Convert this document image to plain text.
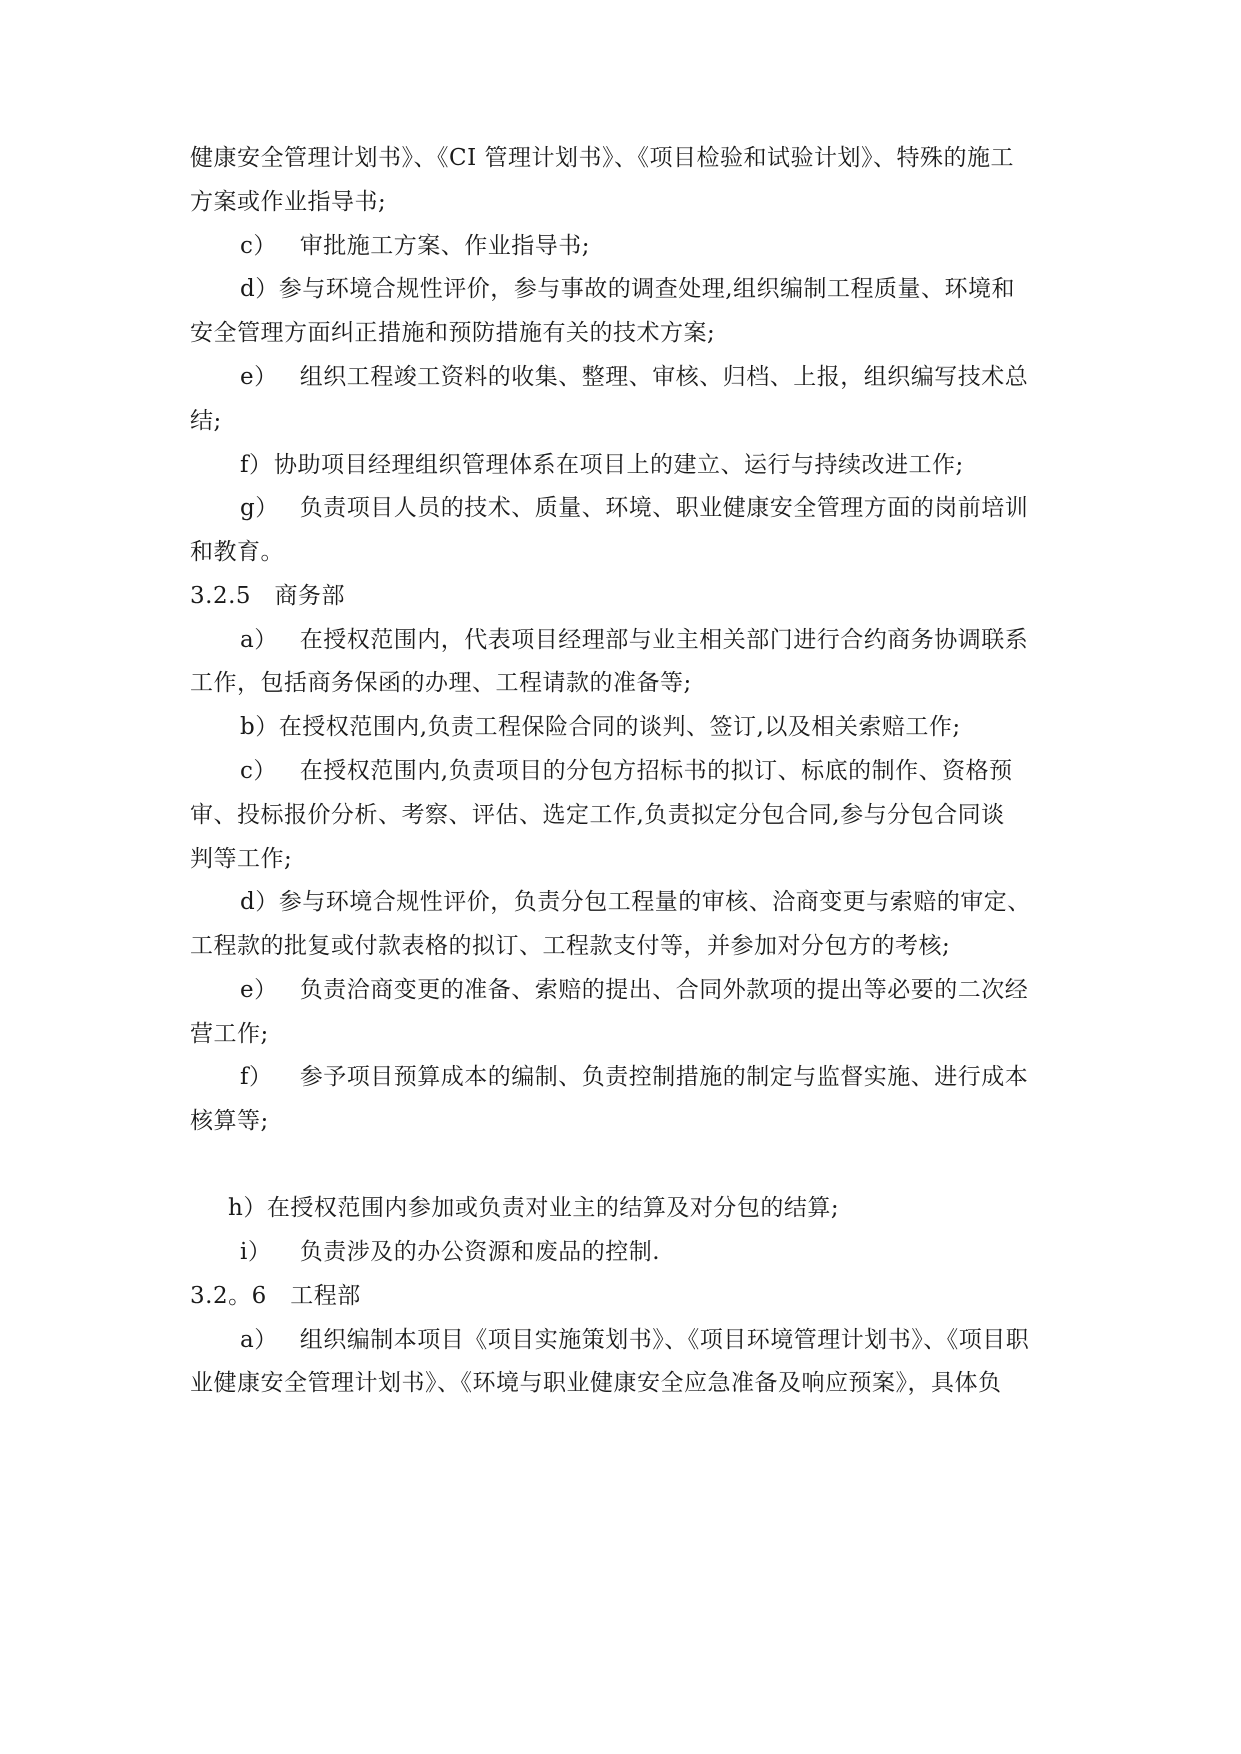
健康安全管理计划书》、《CI 管理计划书》、《项目检验和试验计划》、特殊的施工
方案或作业指导书;
c） 审批施工方案、作业指导书;
d）参与环境合规性评价，参与事故的调查处理,组织编制工程质量、环境和
安全管理方面纠正措施和预防措施有关的技术方案;
e） 组织工程竣工资料的收集、整理、审核、归档、上报，组织编写技术总
结;
f）协助项目经理组织管理体系在项目上的建立、运行与持续改进工作;
g） 负责项目人员的技术、质量、环境、职业健康安全管理方面的岗前培训
和教育。
3.2.5　商务部
a） 在授权范围内，代表项目经理部与业主相关部门进行合约商务协调联系
工作，包括商务保函的办理、工程请款的准备等;
b）在授权范围内,负责工程保险合同的谈判、签订,以及相关索赔工作;
c） 在授权范围内,负责项目的分包方招标书的拟订、标底的制作、资格预
审、投标报价分析、考察、评估、选定工作,负责拟定分包合同,参与分包合同谈
判等工作;
d）参与环境合规性评价，负责分包工程量的审核、洽商变更与索赔的审定、
工程款的批复或付款表格的拟订、工程款支付等，并参加对分包方的考核;
e） 负责洽商变更的准备、索赔的提出、合同外款项的提出等必要的二次经
营工作;
f） 参予项目预算成本的编制、负责控制措施的制定与监督实施、进行成本
核算等;
h）在授权范围内参加或负责对业主的结算及对分包的结算;
i） 负责涉及的办公资源和废品的控制.
3.2。6　工程部
a） 组织编制本项目《项目实施策划书》、《项目环境管理计划书》、《项目职
业健康安全管理计划书》、《环境与职业健康安全应急准备及响应预案》，具体负
